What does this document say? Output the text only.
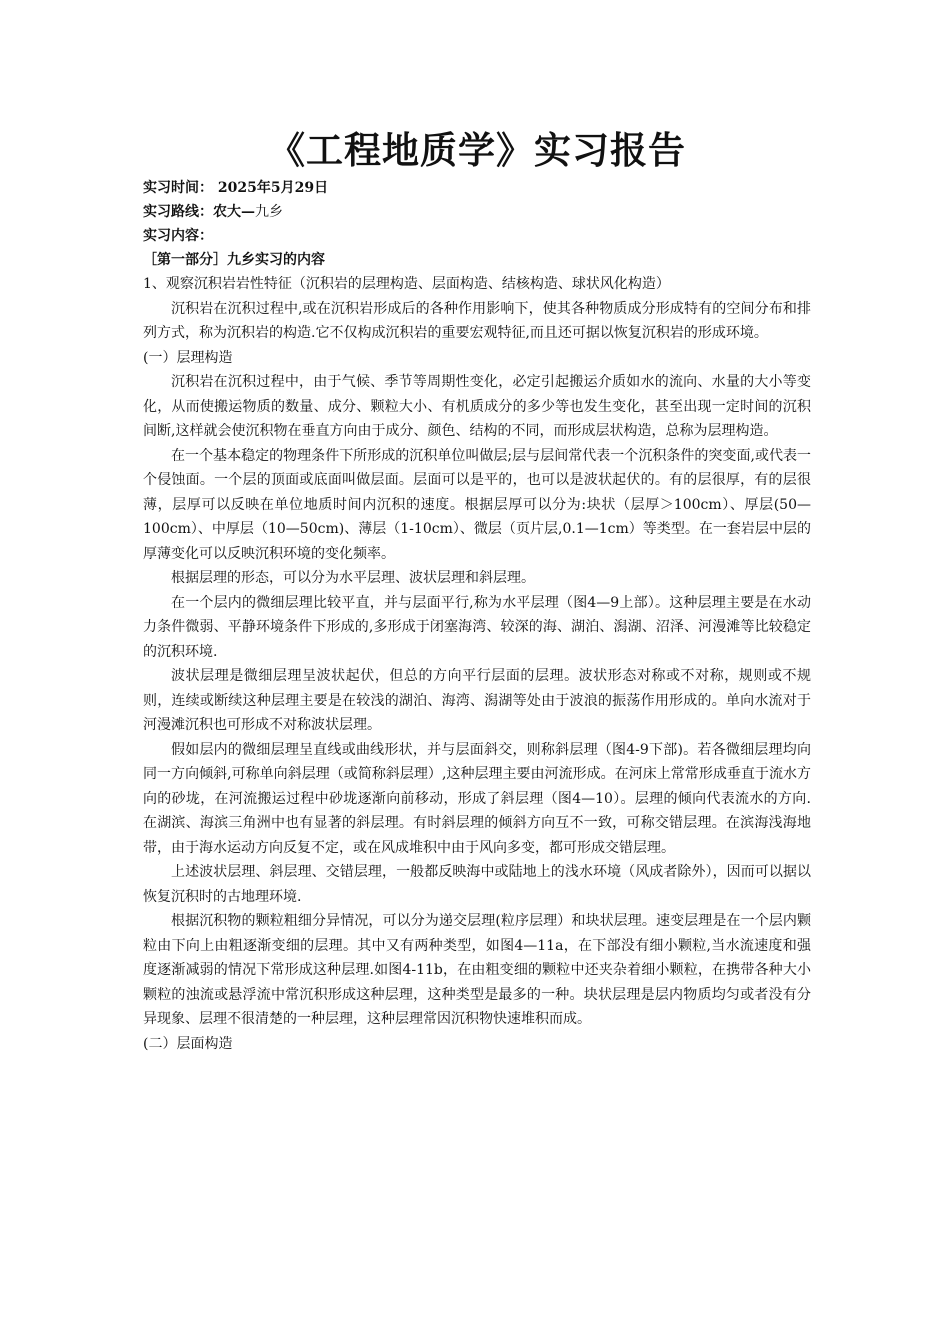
《工程地质学》实习报告

实习时间： 2025年5月29日

实习路线：农大—九乡

实习内容：

［第一部分］九乡实习的内容

1、观察沉积岩岩性特征（沉积岩的层理构造、层面构造、结核构造、球状风化构造）

沉积岩在沉积过程中,或在沉积岩形成后的各种作用影响下，使其各种物质成分形成特有的空间分布和排列方式，称为沉积岩的构造.它不仅构成沉积岩的重要宏观特征,而且还可据以恢复沉积岩的形成环境。

(一）层理构造

沉积岩在沉积过程中，由于气候、季节等周期性变化，必定引起搬运介质如水的流向、水量的大小等变化，从而使搬运物质的数量、成分、颗粒大小、有机质成分的多少等也发生变化，甚至出现一定时间的沉积间断,这样就会使沉积物在垂直方向由于成分、颜色、结构的不同，而形成层状构造，总称为层理构造。

在一个基本稳定的物理条件下所形成的沉积单位叫做层;层与层间常代表一个沉积条件的突变面,或代表一个侵蚀面。一个层的顶面或底面叫做层面。层面可以是平的，也可以是波状起伏的。有的层很厚，有的层很薄，层厚可以反映在单位地质时间内沉积的速度。根据层厚可以分为:块状（层厚＞100cm）、厚层(50—100cm）、中厚层（10—50cm)、薄层（1-10cm）、微层（页片层,0.1—1cm）等类型。在一套岩层中层的厚薄变化可以反映沉积环境的变化频率。

根据层理的形态，可以分为水平层理、波状层理和斜层理。

在一个层内的微细层理比较平直，并与层面平行,称为水平层理（图4—9上部）。这种层理主要是在水动力条件微弱、平静环境条件下形成的,多形成于闭塞海湾、较深的海、湖泊、潟湖、沼泽、河漫滩等比较稳定的沉积环境.

波状层理是微细层理呈波状起伏，但总的方向平行层面的层理。波状形态对称或不对称，规则或不规则，连续或断续这种层理主要是在较浅的湖泊、海湾、潟湖等处由于波浪的振荡作用形成的。单向水流对于河漫滩沉积也可形成不对称波状层理。

假如层内的微细层理呈直线或曲线形状，并与层面斜交，则称斜层理（图4-9下部)。若各微细层理均向同一方向倾斜,可称单向斜层理（或简称斜层理）,这种层理主要由河流形成。在河床上常常形成垂直于流水方向的砂垅，在河流搬运过程中砂垅逐渐向前移动，形成了斜层理（图4—10）。层理的倾向代表流水的方向.在湖滨、海滨三角洲中也有显著的斜层理。有时斜层理的倾斜方向互不一致，可称交错层理。在滨海浅海地带，由于海水运动方向反复不定，或在风成堆积中由于风向多变，都可形成交错层理。

上述波状层理、斜层理、交错层理，一般都反映海中或陆地上的浅水环境（风成者除外），因而可以据以恢复沉积时的古地理环境.

根据沉积物的颗粒粗细分异情况，可以分为递交层理(粒序层理）和块状层理。速变层理是在一个层内颗粒由下向上由粗逐渐变细的层理。其中又有两种类型，如图4—11a，在下部没有细小颗粒,当水流速度和强度逐渐减弱的情况下常形成这种层理.如图4-11b，在由粗变细的颗粒中还夹杂着细小颗粒，在携带各种大小颗粒的浊流或悬浮流中常沉积形成这种层理，这种类型是最多的一种。块状层理是层内物质均匀或者没有分异现象、层理不很清楚的一种层理，这种层理常因沉积物快速堆积而成。

(二）层面构造
